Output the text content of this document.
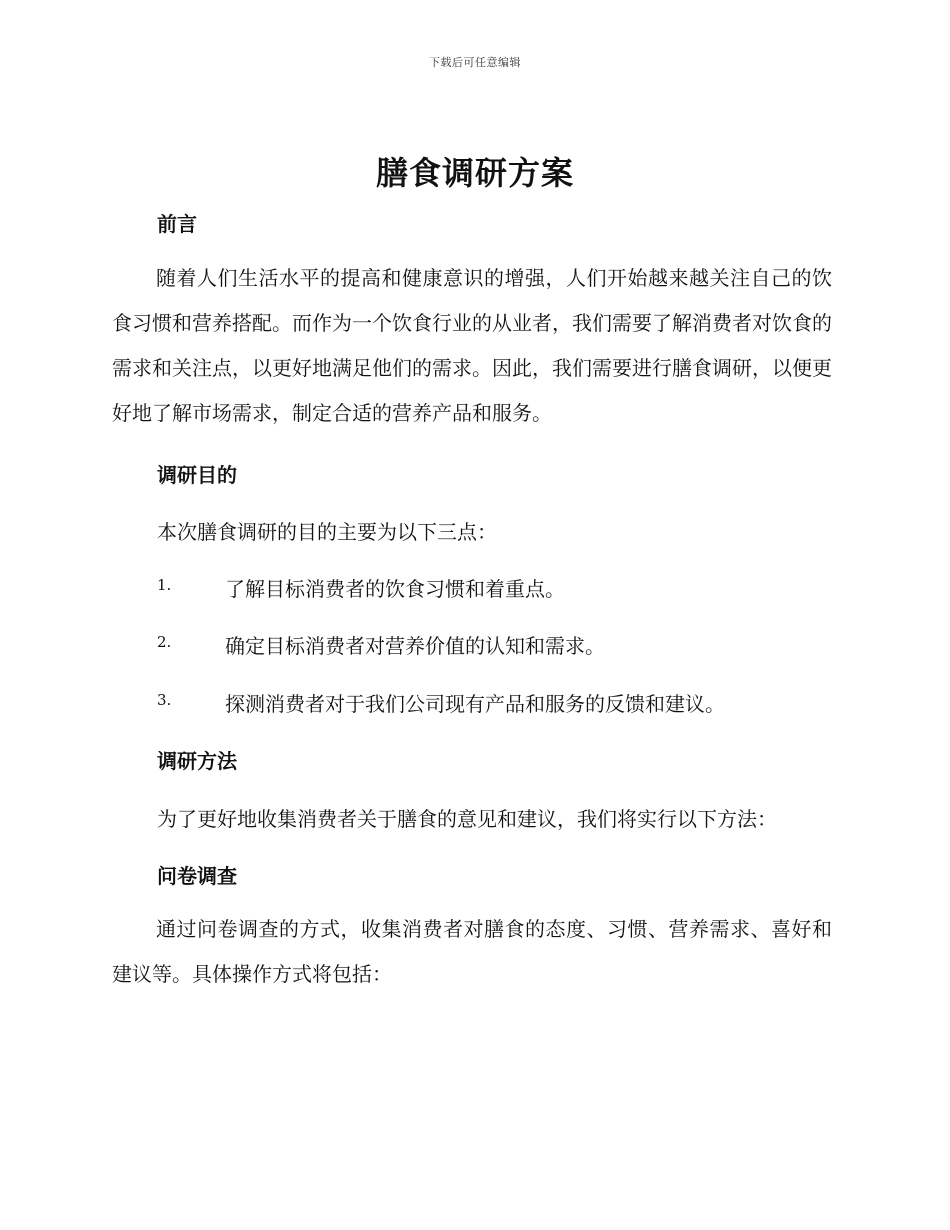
下载后可任意编辑
膳食调研方案
前言
随着人们生活水平的提高和健康意识的增强，人们开始越来越关注自己的饮食习惯和营养搭配。而作为一个饮食行业的从业者，我们需要了解消费者对饮食的需求和关注点，以更好地满足他们的需求。因此，我们需要进行膳食调研，以便更好地了解市场需求，制定合适的营养产品和服务。
调研目的
本次膳食调研的目的主要为以下三点：
1.	了解目标消费者的饮食习惯和着重点。
2.	确定目标消费者对营养价值的认知和需求。
3.	探测消费者对于我们公司现有产品和服务的反馈和建议。
调研方法
为了更好地收集消费者关于膳食的意见和建议，我们将实行以下方法：
问卷调查
通过问卷调查的方式，收集消费者对膳食的态度、习惯、营养需求、喜好和建议等。具体操作方式将包括：
